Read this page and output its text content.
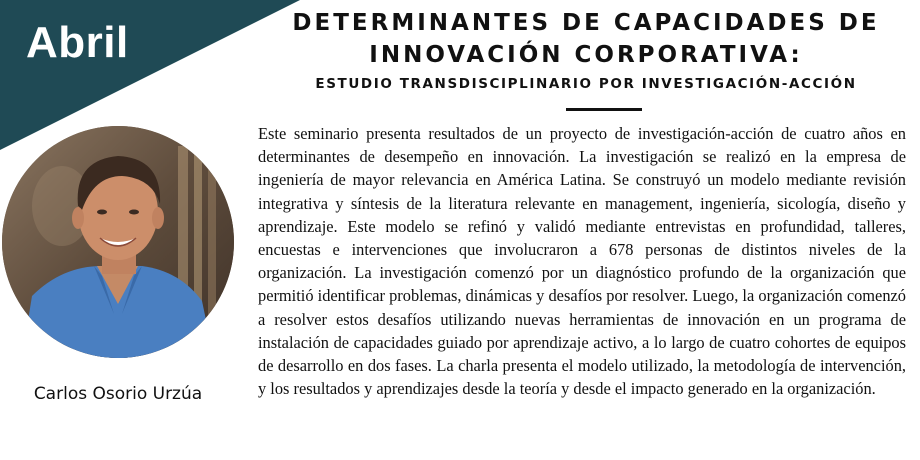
Abril	DETERMINANTES DE CAPACIDADES DE
INNOVACIÓN CORPORATIVA:
ESTUDIO TRANSDISCIPLINARIO POR INVESTIGACIÓN-ACCIÓN

Este seminario presenta resultados de un proyecto de investigación-acción de cuatro años en determinantes de desempeño en innovación. La investigación se realizó en la empresa de ingeniería de mayor relevancia en América Latina. Se construyó un modelo mediante revisión integrativa y síntesis de la literatura relevante en management, ingeniería, sicología, diseño y aprendizaje. Este modelo se refinó y validó mediante entrevistas en profundidad, talleres, encuestas e intervenciones que involucraron a 678 personas de distintos niveles de la organización. La investigación comenzó por un diagnóstico profundo de la organización que permitió identificar problemas, dinámicas y desafíos por resolver. Luego, la organización comenzó a resolver estos desafíos utilizando nuevas herramientas de innovación en un programa de instalación de capacidades guiado por aprendizaje activo, a lo largo de cuatro cohortes de equipos de desarrollo en dos fases. La charla presenta el modelo utilizado, la metodología de intervención, y los resultados y aprendizajes desde la teoría y desde el impacto generado en la organización.

Carlos Osorio Urzúa
